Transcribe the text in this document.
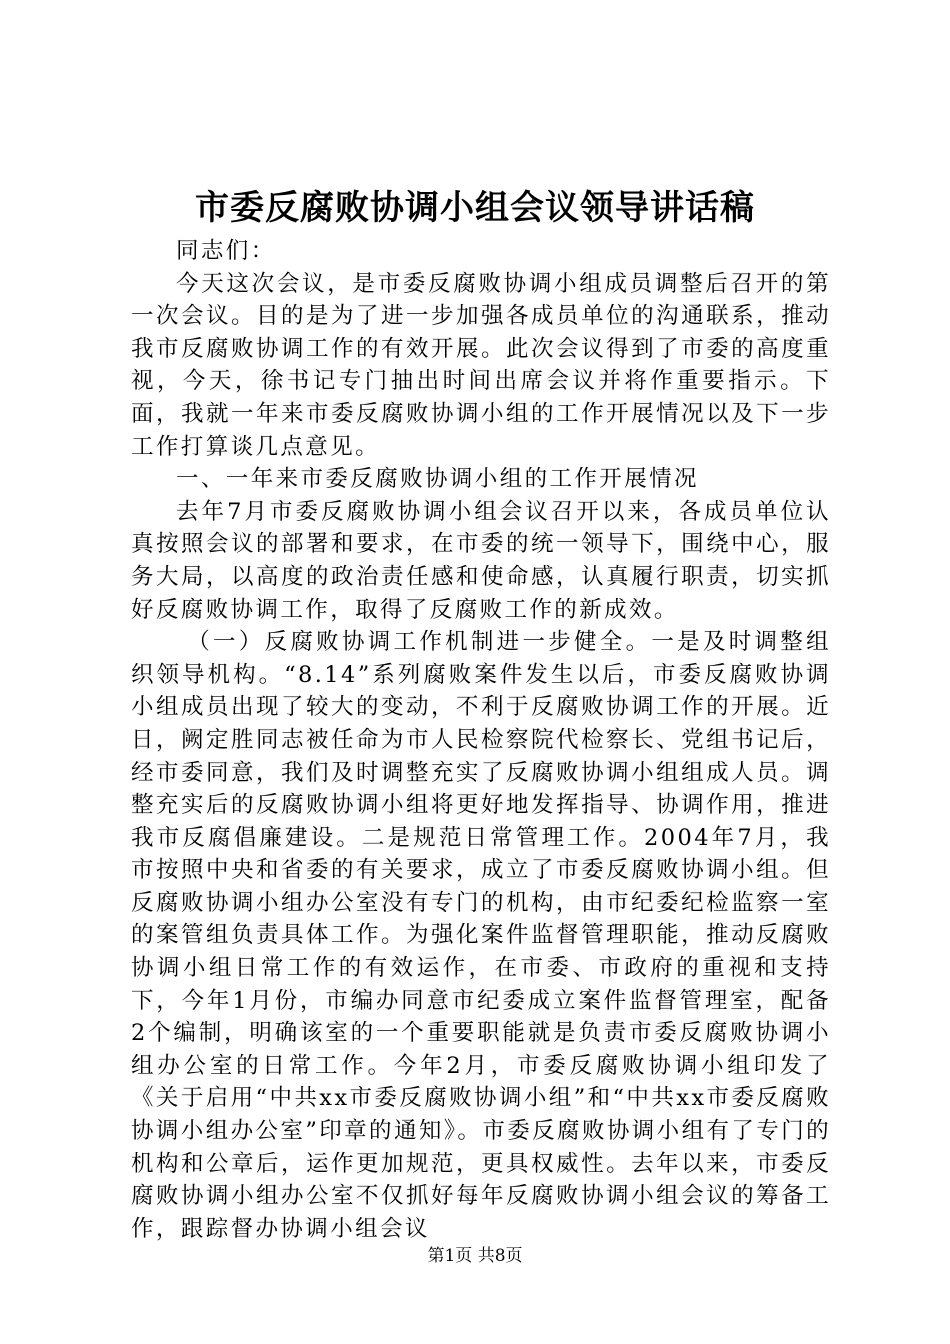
市委反腐败协调小组会议领导讲话稿

同志们：

今天这次会议，是市委反腐败协调小组成员调整后召开的第一次会议。目的是为了进一步加强各成员单位的沟通联系，推动我市反腐败协调工作的有效开展。此次会议得到了市委的高度重视，今天，徐书记专门抽出时间出席会议并将作重要指示。下面，我就一年来市委反腐败协调小组的工作开展情况以及下一步工作打算谈几点意见。

一、一年来市委反腐败协调小组的工作开展情况

去年7月市委反腐败协调小组会议召开以来，各成员单位认真按照会议的部署和要求，在市委的统一领导下，围绕中心，服务大局，以高度的政治责任感和使命感，认真履行职责，切实抓好反腐败协调工作，取得了反腐败工作的新成效。

（一）反腐败协调工作机制进一步健全。一是及时调整组织领导机构。“8.14”系列腐败案件发生以后，市委反腐败协调小组成员出现了较大的变动，不利于反腐败协调工作的开展。近日，阙定胜同志被任命为市人民检察院代检察长、党组书记后，经市委同意，我们及时调整充实了反腐败协调小组组成人员。调整充实后的反腐败协调小组将更好地发挥指导、协调作用，推进我市反腐倡廉建设。二是规范日常管理工作。2004年7月，我市按照中央和省委的有关要求，成立了市委反腐败协调小组。但反腐败协调小组办公室没有专门的机构，由市纪委纪检监察一室的案管组负责具体工作。为强化案件监督管理职能，推动反腐败协调小组日常工作的有效运作，在市委、市政府的重视和支持下，今年1月份，市编办同意市纪委成立案件监督管理室，配备2个编制，明确该室的一个重要职能就是负责市委反腐败协调小组办公室的日常工作。今年2月，市委反腐败协调小组印发了《关于启用“中共xx市委反腐败协调小组”和“中共xx市委反腐败协调小组办公室”印章的通知》。市委反腐败协调小组有了专门的机构和公章后，运作更加规范，更具权威性。去年以来，市委反腐败协调小组办公室不仅抓好每年反腐败协调小组会议的筹备工作，跟踪督办协调小组会议

第1页 共8页
